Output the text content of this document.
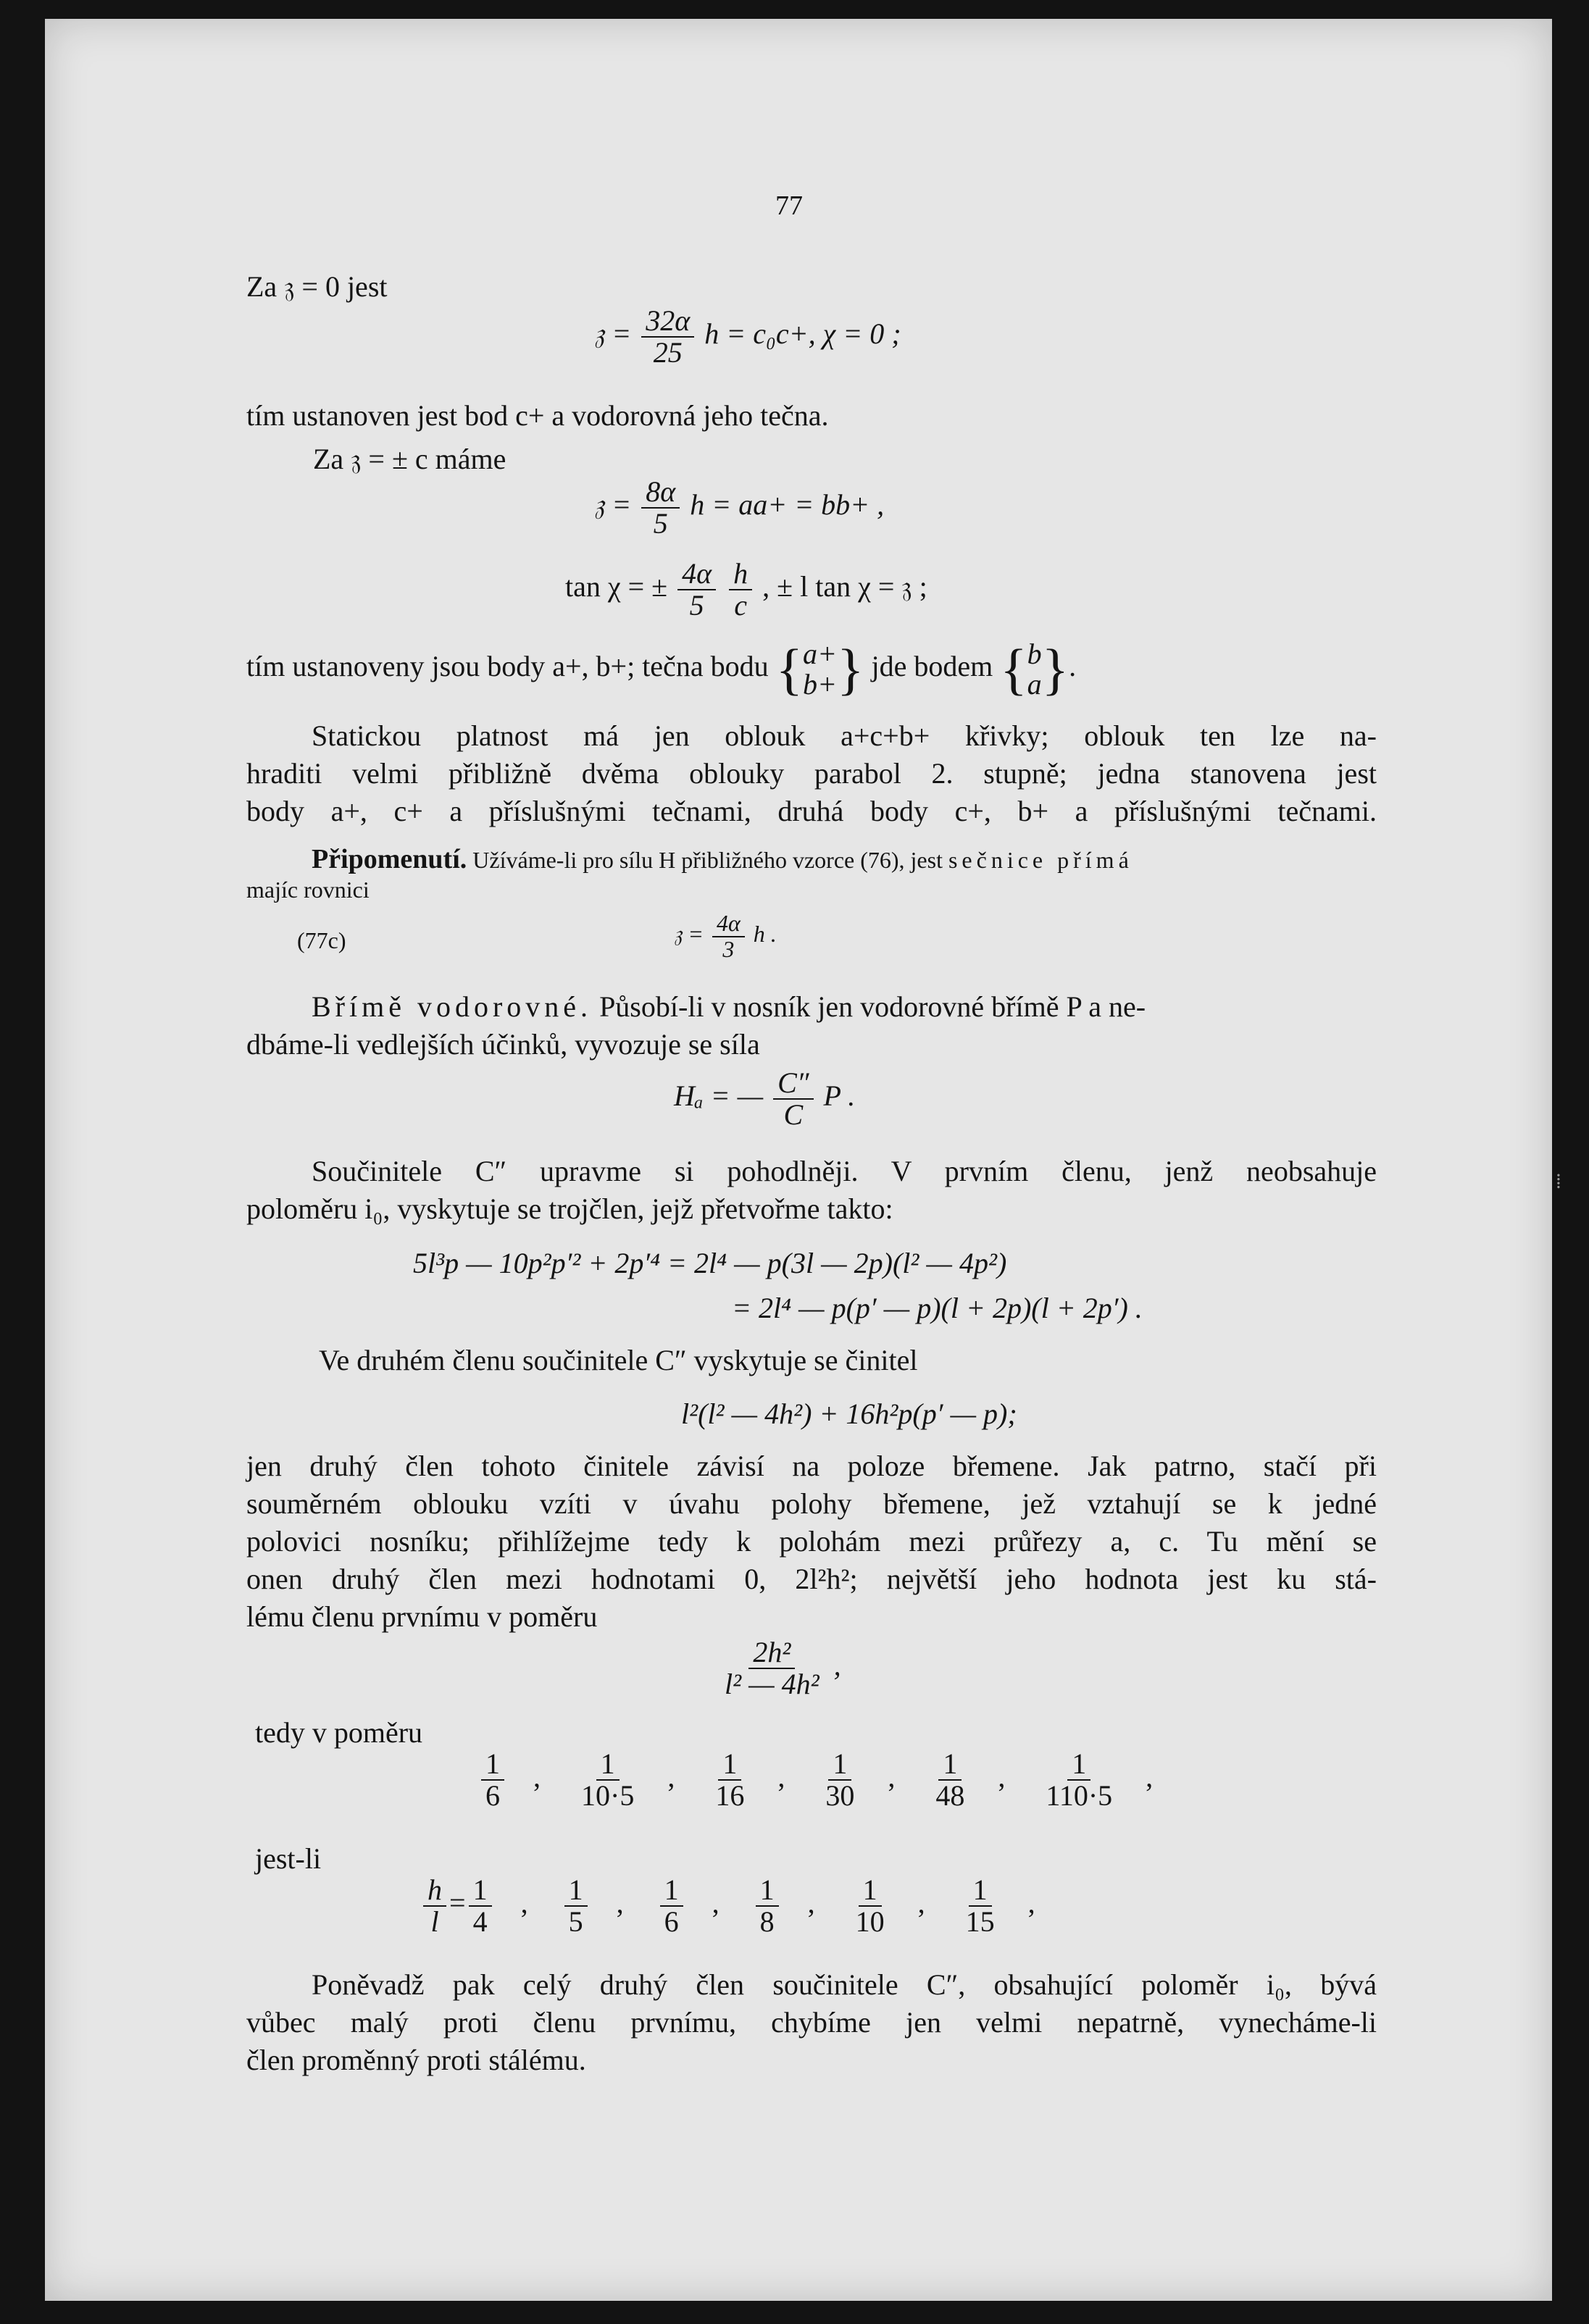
77
Za 𝔷 = 0 jest
𝔷 = $\frac{32\alpha}{25}$ h = c₀c+, χ = 0 ;
tím ustanoven jest bod c+ a vodorovná jeho tečna.
Za 𝔷 = ± c máme
𝔷 = $\frac{8\alpha}{5}$ h = aa+ = bb+ ,
tan χ = ± $\frac{4\alpha}{5}$
$\frac{h}{c}$ , ± l tan χ = 𝔷 ;
tím ustanoveny jsou body a+, b+; tečna bodu { a+
b+ } jde bodem { b
a }.
Statickou platnost má jen oblouk a+c+b+ křivky; oblouk ten lze na-
hraditi velmi přibližně dvěma oblouky parabol 2. stupně; jedna stanovena jest
body a+, c+ a příslušnými tečnami, druhá body c+, b+ a příslušnými tečnami.
Připomenutí. Užíváme-li pro sílu H přibližného vzorce (76), jest sečnice přímá
majíc rovnici
(77c)	𝔷 = $\frac{4\alpha}{3}$ h .
Břímě vodorovné. Působí-li v nosník jen vodorovné břímě P a ne-
dbáme-li vedlejších účinků, vyvozuje se síla
Hₐ = — $\frac{C''}{C}$ P .
Součinitele C″ upravme si pohodlněji. V prvním členu, jenž neobsahuje
poloměru i₀, vyskytuje se trojčlen, jejž přetvořme takto:
5l³p — 10p²p′² + 2p′⁴ = 2l⁴ — p(3l — 2p)(l² — 4p²)
= 2l⁴ — p(p′ — p)(l + 2p)(l + 2p′) .
Ve druhém členu součinitele C″ vyskytuje se činitel
l²(l² — 4h²) + 16h²p(p′ — p);
jen druhý člen tohoto činitele závisí na poloze břemene. Jak patrno, stačí při
souměrném oblouku vzíti v úvahu polohy břemene, jež vztahují se k jedné
polovici nosníku; přihlížejme tedy k polohám mezi průřezy a, c. Tu mění se
onen druhý člen mezi hodnotami 0, 2l²h²; největší jeho hodnota jest ku stá-
lému členu prvnímu v poměru
$\frac{\text{2h²}}{\text{l² — 4h²}}$ ,
tedy v poměru
$\frac{1}{6}$ , $\frac{1}{10\cdot 5}$ , $\frac{1}{16}$ , $\frac{1}{30}$ , $\frac{1}{48}$ , $\frac{1}{110\cdot 5}$ ,
jest-li
$\frac{h}{l} = \frac{1}{4}$ , $\frac{1}{5}$ , $\frac{1}{6}$ , $\frac{1}{8}$ , $\frac{1}{10}$ , $\frac{1}{15}$ ,
Poněvadž pak celý druhý člen součinitele C″, obsahující poloměr i₀, bývá
vůbec malý proti členu prvnímu, chybíme jen velmi nepatrně, vynecháme-li
člen proměnný proti stálému.
⁞
